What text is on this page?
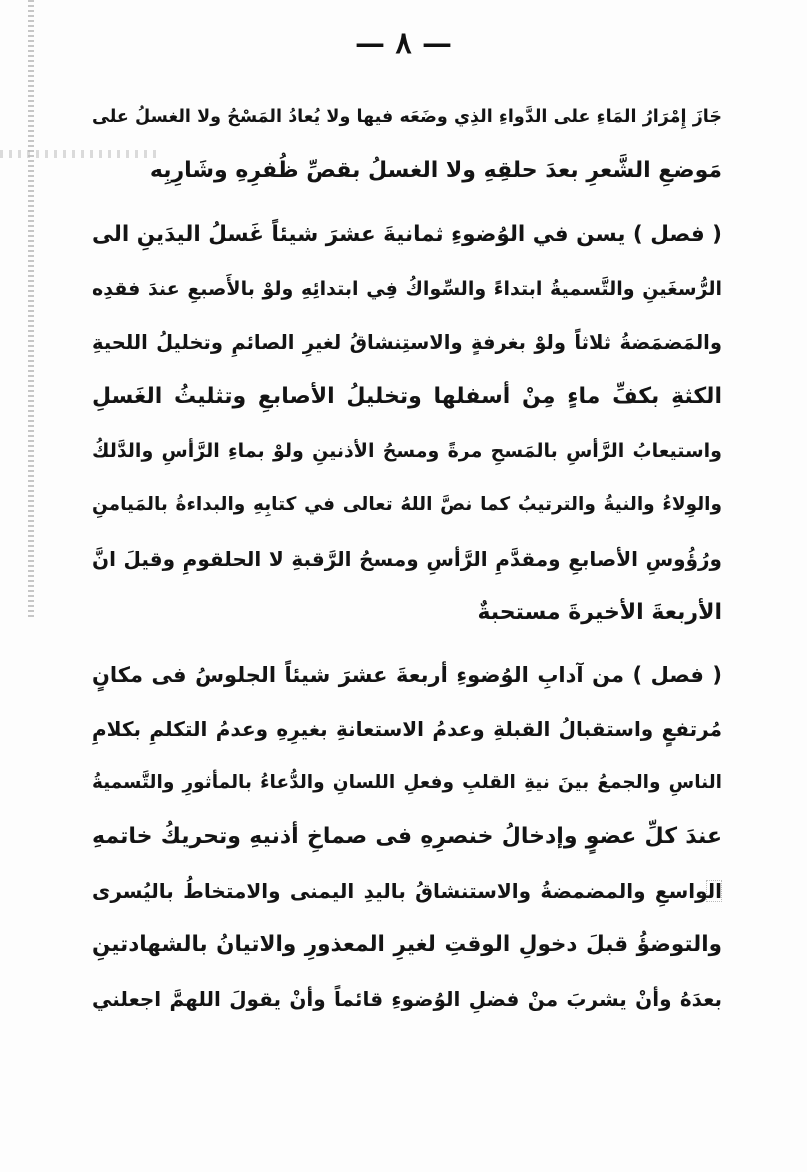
— ٨ —
جَازَ إِمْرَارُ المَاءِ على الدَّواءِ الذِي وضَعَه فيها ولا يُعادُ المَسْحُ ولا الغسلُ على
مَوضعِ الشَّعرِ بعدَ حلقِهِ ولا الغسلُ بقصِّ ظُفرِهِ وشَارِبِه
( فصل ) يسن في الوُضوءِ ثمانيةَ عشرَ شيئاً غَسلُ اليدَينِ الى
الرُّسغَينِ والتَّسميةُ ابتداءً والسِّواكُ فِي ابتدائِهِ ولوْ بالأَصبعِ عندَ فقدِه
والمَضمَضةُ ثلاثاً ولوْ بغرفةٍ والاستِنشاقُ لغيرِ الصائمِ وتخليلُ اللحيةِ
الكثةِ بكفِّ ماءٍ مِنْ أسفلها وتخليلُ الأصابعِ وتثليثُ الغَسلِ
واستيعابُ الرَّأسِ بالمَسحِ مرةً ومسحُ الأذنينِ ولوْ بماءِ الرَّأسِ والدَّلكُ
والوِلاءُ والنيةُ والترتيبُ كما نصَّ اللهُ تعالى في كتابِهِ والبداءةُ بالمَيامنِ
ورُؤُوسِ الأصابعِ ومقدَّمِ الرَّأسِ ومسحُ الرَّقبةِ لا الحلقومِ وقيلَ انَّ
الأربعةَ الأخيرةَ مستحبةٌ
( فصل ) من آدابِ الوُضوءِ أربعةَ عشرَ شيئاً الجلوسُ فى مكانٍ
مُرتفعٍ واستقبالُ القبلةِ وعدمُ الاستعانةِ بغيرِهِ وعدمُ التكلمِ بكلامِ
الناسِ والجمعُ بينَ نيةِ القلبِ وفعلِ اللسانِ والدُّعاءُ بالمأثورِ والتَّسميةُ
عندَ كلِّ عضوٍ وإدخالُ خنصرِهِ فى صماخِ أذنيهِ وتحريكُ خاتمهِ
الواسعِ والمضمضةُ والاستنشاقُ باليدِ اليمنى والامتخاطُ باليُسرى
والتوضؤُ قبلَ دخولِ الوقتِ لغيرِ المعذورِ والاتيانُ بالشهادتينِ
بعدَهُ وأنْ يشربَ منْ فضلِ الوُضوءِ قائماً وأنْ يقولَ اللهمَّ اجعلني
